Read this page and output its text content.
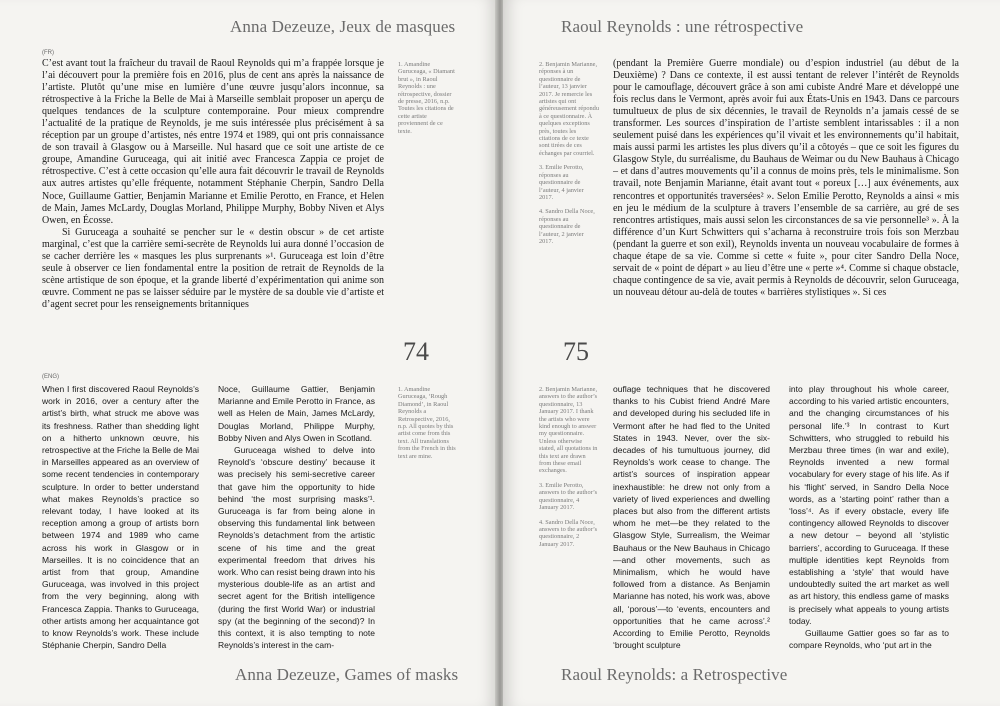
Anna Dezeuze, Jeux de masques
(FR)

C’est avant tout la fraîcheur du travail de Raoul Reynolds qui m’a frappée lorsque je l’ai découvert pour la première fois en 2016, plus de cent ans après la naissance de l’artiste. Plutôt qu’une mise en lumière d’une œuvre jusqu’alors inconnue, sa rétrospective à la Friche la Belle de Mai à Marseille semblait proposer un aperçu de quelques tendances de la sculpture contemporaine. Pour mieux comprendre l’actualité de la pratique de Reynolds, je me suis intéressée plus précisément à sa réception par un groupe d’artistes, nés entre 1974 et 1989, qui ont pris connaissance de son travail à Glasgow ou à Marseille. Nul hasard que ce soit une artiste de ce groupe, Amandine Guruceaga, qui ait initié avec Francesca Zappia ce projet de rétrospective. C’est à cette occasion qu’elle aura fait découvrir le travail de Reynolds aux autres artistes qu’elle fréquente, notamment Stéphanie Cherpin, Sandro Della Noce, Guillaume Gattier, Benjamin Marianne et Emilie Perotto, en France, et Helen de Main, James McLardy, Douglas Morland, Philippe Murphy, Bobby Niven et Alys Owen, en Écosse.

Si Guruceaga a souhaité se pencher sur le « destin obscur » de cet artiste marginal, c’est que la carrière semi-secrète de Reynolds lui aura donné l’occasion de se cacher derrière les « masques les plus surprenants »¹. Guruceaga est loin d’être seule à observer ce lien fondamental entre la position de retrait de Reynolds de la scène artistique de son époque, et la grande liberté d’expérimentation qui anime son œuvre. Comment ne pas se laisser séduire par le mystère de sa double vie d’artiste et d’agent secret pour les renseignements britanniques

1. Amandine Guruceaga, « Diamant brut », in Raoul Reynolds : une rétrospective, dossier de presse, 2016, n.p. Toutes les citations de cette artiste proviennent de ce texte.

74
(ENG)

When I first discovered Raoul Reynolds’s work in 2016, over a century after the artist’s birth, what struck me above was its freshness. Rather than shedding light on a hitherto unknown œuvre, his retrospective at the Friche la Belle de Mai in Marseilles appeared as an overview of some recent tendencies in contemporary sculpture. In order to better understand what makes Reynolds’s practice so relevant today, I have looked at its reception among a group of artists born between 1974 and 1989 who came across his work in Glasgow or in Marseilles. It is no coincidence that an artist from that group, Amandine Guruceaga, was involved in this project from the very beginning, along with Francesca Zappia. Thanks to Guruceaga, other artists among her acquaintance got to know Reynolds’s work. These include Stéphanie Cherpin, Sandro Della

Noce, Guillaume Gattier, Benjamin Marianne and Emile Perotto in France, as well as Helen de Main, James McLardy, Douglas Morland, Philippe Murphy, Bobby Niven and Alys Owen in Scotland.

Guruceaga wished to delve into Reynold’s ‘obscure destiny’ because it was precisely his semi-secretive career that gave him the opportunity to hide behind ‘the most surprising masks’¹. Guruceaga is far from being alone in observing this fundamental link between Reynolds’s detachment from the artistic scene of his time and the great experimental freedom that drives his work. Who can resist being drawn into his mysterious double-life as an artist and secret agent for the British intelligence (during the first World War) or industrial spy (at the beginning of the second)? In this context, it is also tempting to note Reynolds’s interest in the cam-

1. Amandine Guruceaga, ‘Rough Diamond’, in Raoul Reynolds a Retrospective, 2016, n.p. All quotes by this artist come from this text. All translations from the French in this text are mine.

Anna Dezeuze, Games of masks
Raoul Reynolds : une rétrospective

2. Benjamin Marianne, réponses à un questionnaire de l’auteur, 13 janvier 2017. Je remercie les artistes qui ont généreusement répondu à ce questionnaire. À quelques exceptions près, toutes les citations de ce texte sont tirées de ces échanges par courriel.

3. Emilie Perotto, réponses au questionnaire de l’auteur, 4 janvier 2017.

4. Sandro Della Noce, réponses au questionnaire de l’auteur, 2 janvier 2017.

(pendant la Première Guerre mondiale) ou d’espion industriel (au début de la Deuxième) ? Dans ce contexte, il est aussi tentant de relever l’intérêt de Reynolds pour le camouflage, découvert grâce à son ami cubiste André Mare et développé une fois reclus dans le Vermont, après avoir fui aux États-Unis en 1943. Dans ce parcours tumultueux de plus de six décennies, le travail de Reynolds n’a jamais cessé de se transformer. Les sources d’inspiration de l’artiste semblent intarissables : il a non seulement puisé dans les expériences qu’il vivait et les environnements qu’il habitait, mais aussi parmi les artistes les plus divers qu’il a côtoyés – que ce soit les figures du Glasgow Style, du surréalisme, du Bauhaus de Weimar ou du New Bauhaus à Chicago – et dans d’autres mouvements qu’il a connus de moins près, tels le minimalisme. Son travail, note Benjamin Marianne, était avant tout « poreux […] aux événements, aux rencontres et opportunités traversées² ». Selon Emilie Perotto, Reynolds a ainsi « mis en jeu le médium de la sculpture à travers l’ensemble de sa carrière, au gré de ses rencontres artistiques, mais aussi selon les circonstances de sa vie personnelle³ ». À la différence d’un Kurt Schwitters qui s’acharna à reconstruire trois fois son Merzbau (pendant la guerre et son exil), Reynolds inventa un nouveau vocabulaire de formes à chaque étape de sa vie. Comme si cette « fuite », pour citer Sandro Della Noce, servait de « point de départ » au lieu d’être une « perte »⁴. Comme si chaque obstacle, chaque contingence de sa vie, avait permis à Reynolds de découvrir, selon Guruceaga, un nouveau détour au-delà de toutes « barrières stylistiques ». Si ces

75

2. Benjamin Marianne, answers to the author’s questionnaire, 13 January 2017. I thank the artists who were kind enough to answer my questionnaire. Unless otherwise stated, all quotations in this text are drawn from these email exchanges.

3. Emilie Perotto, answers to the author’s questionnaire, 4 January 2017.

4. Sandro Della Noce, answers to the author’s questionnaire, 2 January 2017.

ouflage techniques that he discovered thanks to his Cubist friend André Mare and developed during his secluded life in Vermont after he had fled to the United States in 1943. Never, over the six-decades of his tumultuous journey, did Reynolds’s work cease to change. The artist’s sources of inspiration appear inexhaustible: he drew not only from a variety of lived experiences and dwelling places but also from the different artists whom he met—be they related to the Glasgow Style, Surrealism, the Weimar Bauhaus or the New Bauhaus in Chicago—and other movements, such as Minimalism, which he would have followed from a distance. As Benjamin Marianne has noted, his work was, above all, ‘porous’—to ‘events, encounters and opportunities that he came across’.² According to Emilie Perotto, Reynolds ‘brought sculpture

into play throughout his whole career, according to his varied artistic encounters, and the changing circumstances of his personal life.’³ In contrast to Kurt Schwitters, who struggled to rebuild his Merzbau three times (in war and exile), Reynolds invented a new formal vocabulary for every stage of his life. As if his ‘flight’ served, in Sandro Della Noce words, as a ‘starting point’ rather than a ‘loss’⁴. As if every obstacle, every life contingency allowed Reynolds to discover a new detour – beyond all ‘stylistic barriers’, according to Guruceaga. If these multiple identities kept Reynolds from establishing a ‘style’ that would have undoubtedly suited the art market as well as art history, this endless game of masks is precisely what appeals to young artists today.

Guillaume Gattier goes so far as to compare Reynolds, who ‘put art in the

Raoul Reynolds: a Retrospective
